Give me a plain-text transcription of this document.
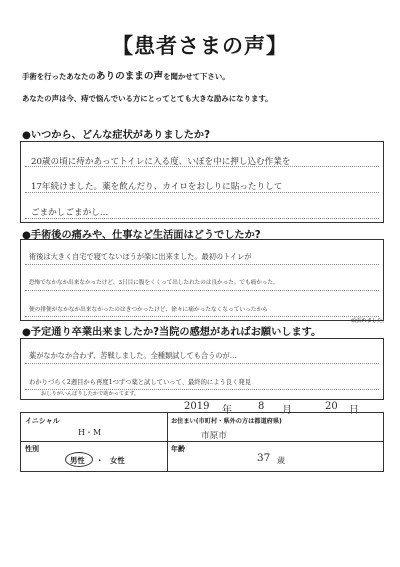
【患者さまの声】
手術を行ったあなたのありのままの声を聞かせて下さい。
あなたの声は今、痔で悩んでいる方にとってとても大きな励みになります。
●いつから、どんな症状がありましたか?
20歳の頃に痔かあってトイレに入る度、いぼを中に押し込む作業を
17年続けました。薬を飲んだり、カイロをおしりに貼ったりして
ごまかしごまかし…
●手術後の痛みや、仕事など生活面はどうでしたか?
術後は大きく自宅で寝てないほうが楽に出来ました。最初のトイレが
恐怖でなかなか出来なかったけど、3日目に腹をくくって出したれたのは良かった。でも痛かった。
便の排便がなかなか出来なかったのはきつかったけど、徐々に痛かったなくなっていったから
頑張れました。
●予定通り卒業出来ましたか?当院の感想があればお願いします。
薬がなかなか合わず、苦戦しました。全種類試しても合うのが…
わかりづらく2週目から再度1つずつ薬と試していって、最終的によう良く発見
おしりがいんぱりしたかで助かってます。
2019 年	8 月	20 日
イニシャル
H・M
お住まい(市町村・県外の方は都道府県)
市原市
性別
男性 ・ 女性
年齢
37 歳
